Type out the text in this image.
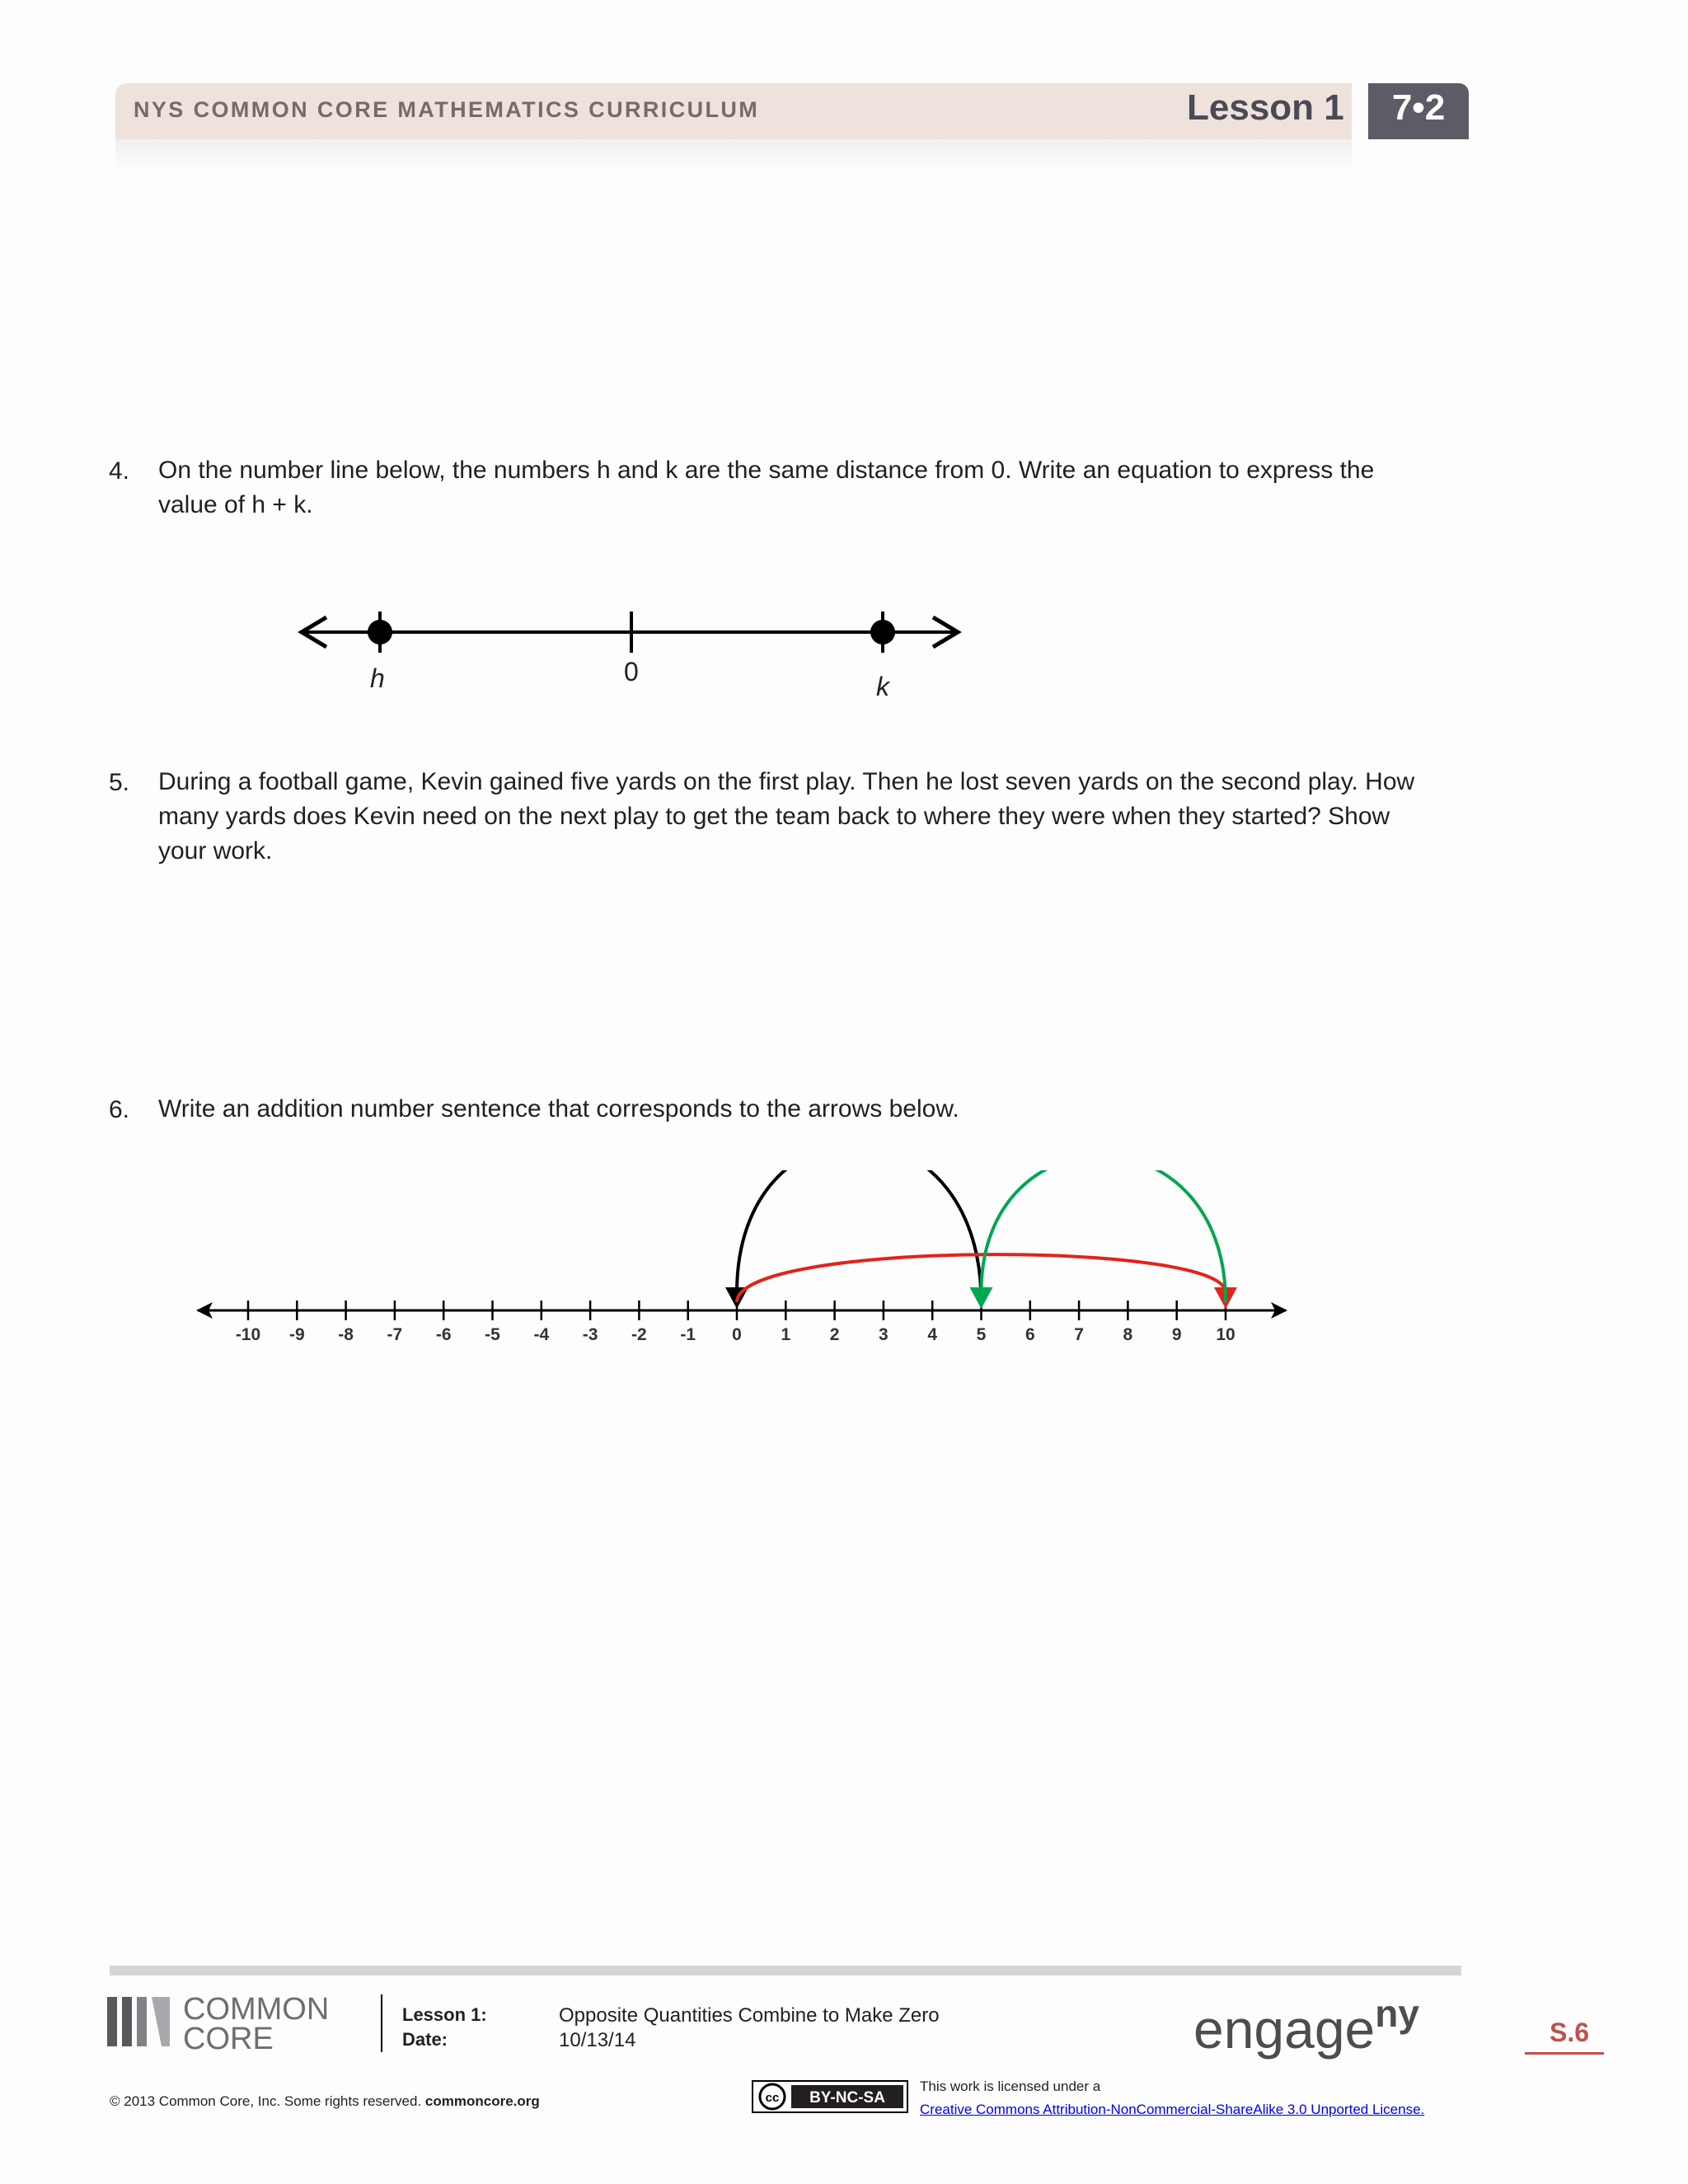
NYS COMMON CORE MATHEMATICS CURRICULUM	Lesson 1	7•2
4. On the number line below, the numbers h and k are the same distance from 0. Write an equation to express the
value of h + k.
h	0	k
5. During a football game, Kevin gained five yards on the first play. Then he lost seven yards on the second play. How
many yards does Kevin need on the next play to get the team back to where they were when they started? Show
your work.
6. Write an addition number sentence that corresponds to the arrows below.
-10 -9 -8 -7 -6 -5 -4 -3 -2 -1 0 1 2 3 4 5 6 7 8 9 10
COMMON
CORE
Lesson 1:
Date:
Opposite Quantities Combine to Make Zero
10/13/14	engage$^{ny}$	S.6
© 2013 Common Core, Inc. Some rights reserved. commoncore.org	cc BY-NC-SA
This work is licensed under a
Creative Commons Attribution-NonCommercial-ShareAlike 3.0 Unported License.
